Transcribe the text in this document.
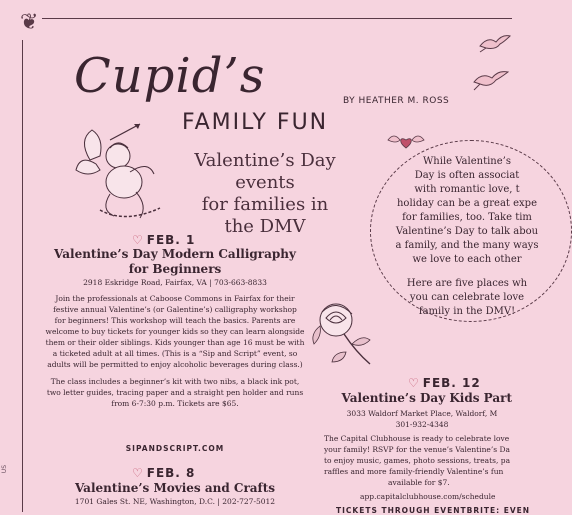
❦
Cupid’s
FAMILY FUN
BY HEATHER M. ROSS
Valentine’s Day events
for families in
the DMV

While Valentine’s
Day is often associat
with romantic love, t
holiday can be a great expe
for families, too. Take tim
Valentine’s Day to talk abou
a family, and the many ways
we love to each other

Here are five places wh
you can celebrate love
family in the DMV!

♡ FEB. 1
Valentine’s Day Modern Calligraphy
for Beginners
2918 Eskridge Road, Fairfax, VA | 703-663-8833

Join the professionals at Caboose Commons in Fairfax for their
festive annual Valentine’s (or Galentine’s) calligraphy workshop
for beginners! This workshop will teach the basics. Parents are
welcome to buy tickets for younger kids so they can learn alongside
them or their older siblings. Kids younger than age 16 must be with
a ticketed adult at all times. (This is a “Sip and Script” event, so
adults will be permitted to enjoy alcoholic beverages during class.)

The class includes a beginner’s kit with two nibs, a black ink pot,
two letter guides, tracing paper and a straight pen holder and runs
from 6-7:30 p.m. Tickets are $65.

SIPANDSCRIPT.COM
♡ FEB. 8
Valentine’s Movies and Crafts
1701 Gales St. NE, Washington, D.C. | 202-727-5012
♡ FEB. 12
Valentine’s Day Kids Part
3033 Waldorf Market Place, Waldorf, M
301-932-4348
The Capital Clubhouse is ready to celebrate love
your family! RSVP for the venue’s Valentine’s Da
to enjoy music, games, photo sessions, treats, pa
raffles and more family-friendly Valentine’s fun
available for $7.
app.capitalclubhouse.com/schedule
TICKETS THROUGH EVENTBRITE: EVEN
US
